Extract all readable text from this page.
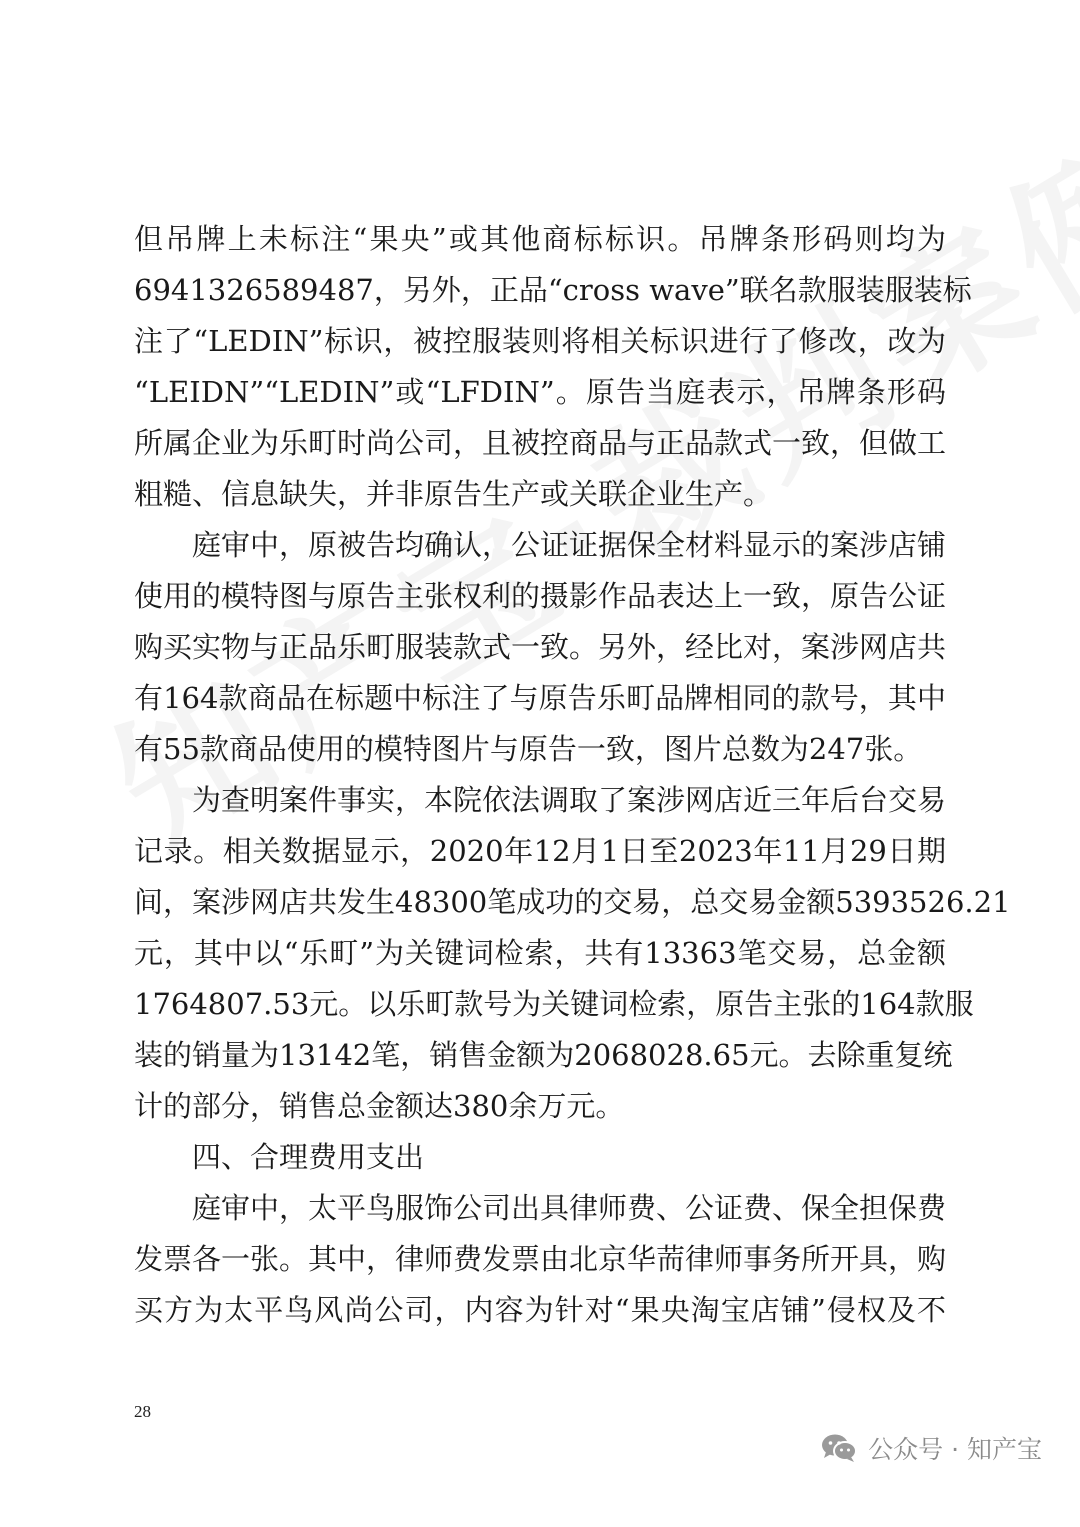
但吊牌上未标注“果央”或其他商标标识。吊牌条形码则均为
6941326589487，另外，正品“cross wave”联名款服装服装标
注了“LEDIN”标识，被控服装则将相关标识进行了修改，改为
“LEIDN”“LEDIN”或“LFDIN”。原告当庭表示，吊牌条形码
所属企业为乐町时尚公司，且被控商品与正品款式一致，但做工
粗糙、信息缺失，并非原告生产或关联企业生产。
庭审中，原被告均确认，公证证据保全材料显示的案涉店铺
使用的模特图与原告主张权利的摄影作品表达上一致，原告公证
购买实物与正品乐町服装款式一致。另外，经比对，案涉网店共
有164款商品在标题中标注了与原告乐町品牌相同的款号，其中
有55款商品使用的模特图片与原告一致，图片总数为247张。
为查明案件事实，本院依法调取了案涉网店近三年后台交易
记录。相关数据显示，2020年12月1日至2023年11月29日期
间，案涉网店共发生48300笔成功的交易，总交易金额5393526.21
元，其中以“乐町”为关键词检索，共有13363笔交易，总金额
1764807.53元。以乐町款号为关键词检索，原告主张的164款服
装的销量为13142笔，销售金额为2068028.65元。去除重复统
计的部分，销售总金额达380余万元。
四、合理费用支出
庭审中，太平鸟服饰公司出具律师费、公证费、保全担保费
发票各一张。其中，律师费发票由北京华荋律师事务所开具，购
买方为太平鸟风尚公司，内容为针对“果央淘宝店铺”侵权及不
28
公众号 · 知产宝
